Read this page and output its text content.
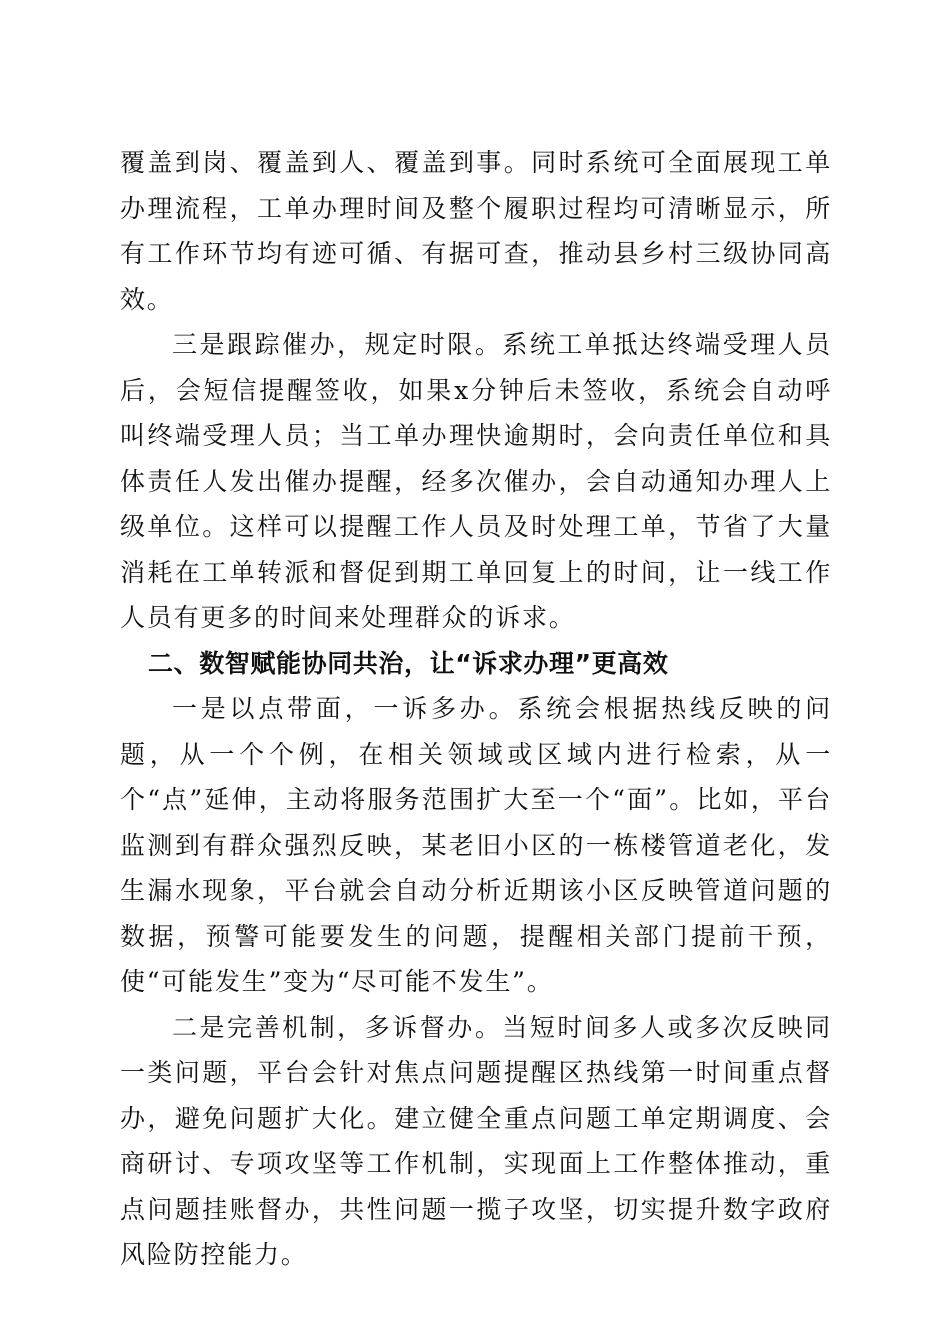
覆盖到岗、覆盖到人、覆盖到事。同时系统可全面展现工单办理流程，工单办理时间及整个履职过程均可清晰显示，所有工作环节均有迹可循、有据可查，推动县乡村三级协同高效。

三是跟踪催办，规定时限。系统工单抵达终端受理人员后，会短信提醒签收，如果x分钟后未签收，系统会自动呼叫终端受理人员；当工单办理快逾期时，会向责任单位和具体责任人发出催办提醒，经多次催办，会自动通知办理人上级单位。这样可以提醒工作人员及时处理工单，节省了大量消耗在工单转派和督促到期工单回复上的时间，让一线工作人员有更多的时间来处理群众的诉求。

二、数智赋能协同共治，让“诉求办理”更高效

一是以点带面，一诉多办。系统会根据热线反映的问题，从一个个例，在相关领域或区域内进行检索，从一个“点”延伸，主动将服务范围扩大至一个“面”。比如，平台监测到有群众强烈反映，某老旧小区的一栋楼管道老化，发生漏水现象，平台就会自动分析近期该小区反映管道问题的数据，预警可能要发生的问题，提醒相关部门提前干预，使“可能发生”变为“尽可能不发生”。

二是完善机制，多诉督办。当短时间多人或多次反映同一类问题，平台会针对焦点问题提醒区热线第一时间重点督办，避免问题扩大化。建立健全重点问题工单定期调度、会商研讨、专项攻坚等工作机制，实现面上工作整体推动，重点问题挂账督办，共性问题一揽子攻坚，切实提升数字政府风险防控能力。
